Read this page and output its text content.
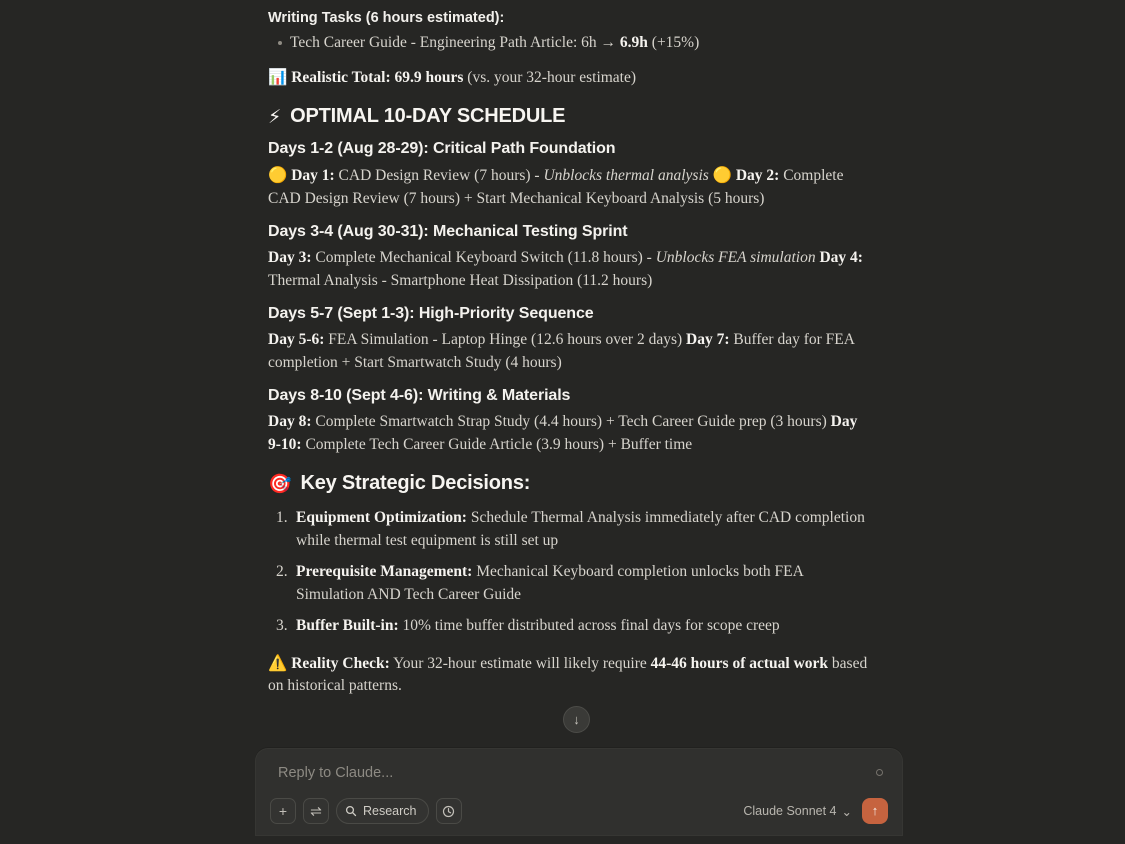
Writing Tasks (6 hours estimated):
Tech Career Guide - Engineering Path Article: 6h → 6.9h (+15%)
📊 Realistic Total: 69.9 hours (vs. your 32-hour estimate)
⚡ OPTIMAL 10-DAY SCHEDULE
Days 1-2 (Aug 28-29): Critical Path Foundation

🟡 Day 1: CAD Design Review (7 hours) - Unblocks thermal analysis 🟡 Day 2: Complete CAD Design Review (7 hours) + Start Mechanical Keyboard Analysis (5 hours)

Days 3-4 (Aug 30-31): Mechanical Testing Sprint

Day 3: Complete Mechanical Keyboard Switch (11.8 hours) - Unblocks FEA simulation Day 4: Thermal Analysis - Smartphone Heat Dissipation (11.2 hours)

Days 5-7 (Sept 1-3): High-Priority Sequence

Day 5-6: FEA Simulation - Laptop Hinge (12.6 hours over 2 days) Day 7: Buffer day for FEA completion + Start Smartwatch Study (4 hours)

Days 8-10 (Sept 4-6): Writing & Materials

Day 8: Complete Smartwatch Strap Study (4.4 hours) + Tech Career Guide prep (3 hours) Day 9-10: Complete Tech Career Guide Article (3.9 hours) + Buffer time

🎯 Key Strategic Decisions:
Equipment Optimization: Schedule Thermal Analysis immediately after CAD completion while thermal test equipment is still set up
Prerequisite Management: Mechanical Keyboard completion unlocks both FEA Simulation AND Tech Career Guide
Buffer Built-in: 10% time buffer distributed across final days for scope creep
⚠️ Reality Check: Your 32-hour estimate will likely require 44-46 hours of actual work based on historical patterns.
↓
Reply to Claude...
+ ⇌	Research	Claude Sonnet 4 ⌄ ↑
